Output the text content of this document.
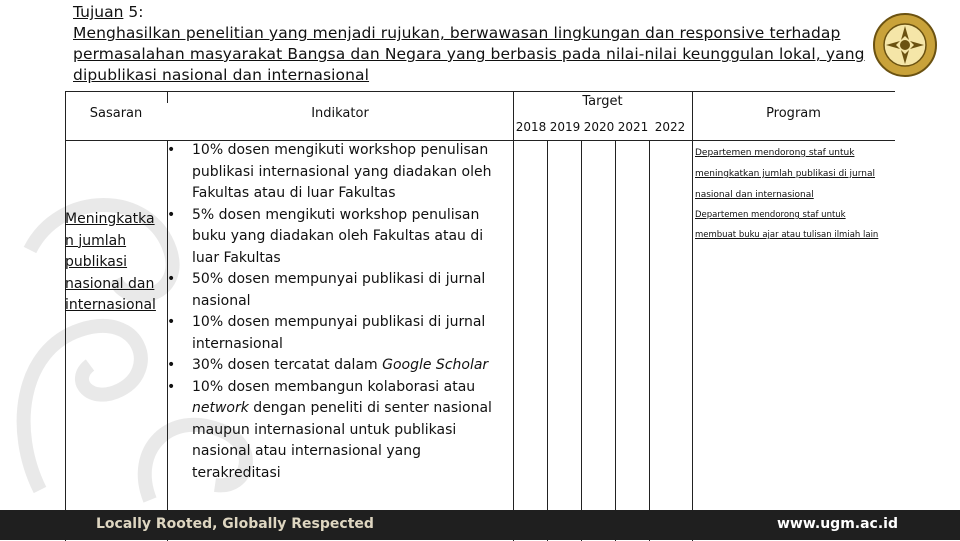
Tujuan 5:
Menghasilkan penelitian yang menjadi rujukan, berwawasan lingkungan dan responsive terhadap
permasalahan masyarakat Bangsa dan Negara yang berbasis pada nilai-nilai keunggulan lokal, yang
dipublikasi nasional dan internasional
Sasaran	Indikator
Target
Program
2018 2019 2020 2021 2022
Meningkatka
n jumlah
publikasi
nasional dan
internasional
• 10% dosen mengikuti workshop penulisan
publikasi internasional yang diadakan oleh
Fakultas atau di luar Fakultas
• 5% dosen mengikuti workshop penulisan
buku yang diadakan oleh Fakultas atau di
luar Fakultas
• 50% dosen mempunyai publikasi di jurnal
nasional
• 10% dosen mempunyai publikasi di jurnal
internasional
• 30% dosen tercatat dalam Google Scholar
• 10% dosen membangun kolaborasi atau
network dengan peneliti di senter nasional
maupun internasional untuk publikasi
nasional atau internasional yang
terakreditasi
Departemen mendorong staf untuk
meningkatkan jumlah publikasi di jurnal
nasional dan internasional
Departemen mendorong staf untuk
membuat buku ajar atau tulisan ilmiah lain
Locally Rooted, Globally Respected	www.ugm.ac.id
